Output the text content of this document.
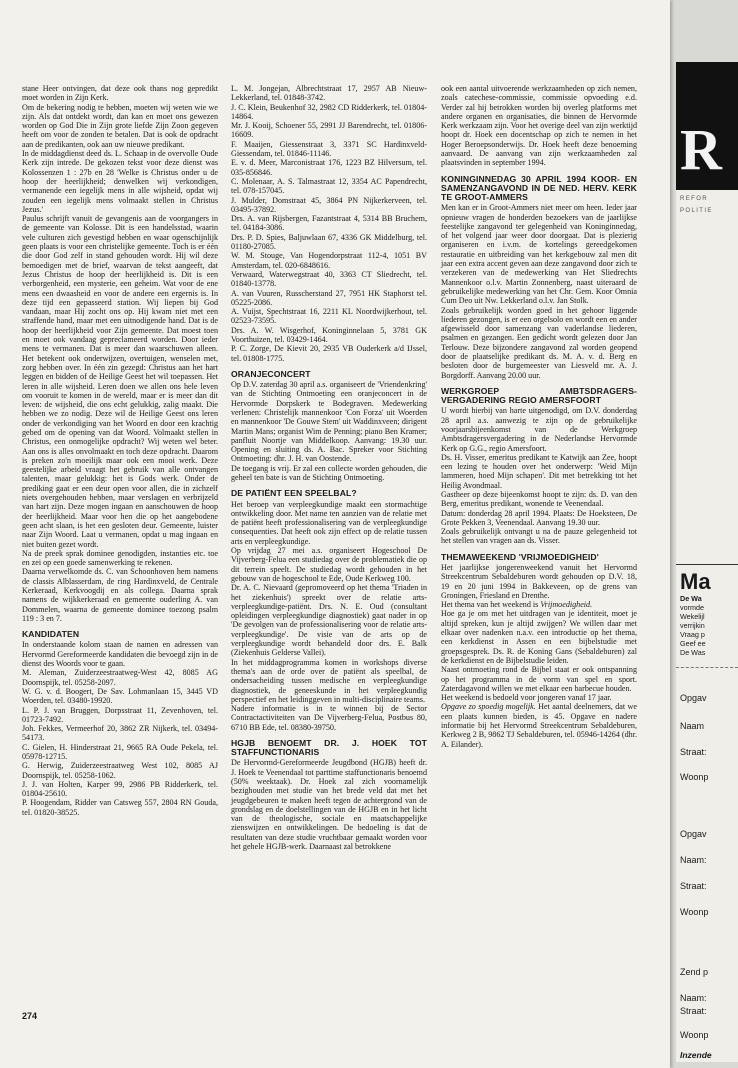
stane Heer ontvingen, dat deze ook thans nog gepredikt moet worden in Zijn Kerk.

Om de bekering nodig te hebben, moeten wij weten wie we zijn. Als dat ontdekt wordt, dan kan en moet ons gewezen worden op God Die in Zijn grote liefde Zijn Zoon gegeven heeft om voor de zonden te betalen. Dat is ook de opdracht aan de predikanten, ook aan uw nieuwe predikant.

In de middagdienst deed ds. L. Schaap in de overvolle Oude Kerk zijn intrede. De gekozen tekst voor deze dienst was Kolossenzen 1 : 27b en 28 'Welke is Christus onder u de hoop der heerlijkheid; denwelken wij verkondigen, vermanende een iegelijk mens in alle wijsheid, opdat wij zouden een iegelijk mens volmaakt stellen in Christus Jezus.'

Paulus schrijft vanuit de gevangenis aan de voorgangers in de gemeente van Kolosse. Dit is een handelsstad, waarin vele culturen zich gevestigd hebben en waar ogenschijnlijk geen plaats is voor een christelijke gemeente. Toch is er één die door God zelf in stand gehouden wordt. Hij wil deze bemoedigen met de brief, waarvan de tekst aangeeft, dat Jezus Christus de hoop der heerlijkheid is. Dit is een verborgenheid, een mysterie, een geheim. Wat voor de ene mens een dwaasheid en voor de andere een ergernis is. In deze tijd een gepasseerd station. Wij liepen bij God vandaan, maar Hij zocht ons op. Hij kwam niet met een straffende hand, maar met een uitnodigende hand. Dat is de hoop der heerlijkheid voor Zijn gemeente. Dat moest toen en moet ook vandaag gepreclameerd worden. Door ieder mens te vermanen. Dat is meer dan waarschuwen alleen. Het betekent ook onderwijzen, overtuigen, wenselen met, zorg hebben over. In één zin gezegd: Christus aan het hart leggen en bidden of de Heilige Geest het wil toepassen. Het leren in alle wijsheid. Leren doen we allen ons hele leven om vooruit te komen in de wereld, maar er is meer dan dit leven: de wijsheid, die ons echt gelukkig, zalig maakt. Die hebben we zo nodig. Deze wil de Heilige Geest ons leren onder de verkondiging van het Woord en door een krachtig gebed om de opening van dat Woord. Volmaakt stellen in Christus, een onmogelijke opdracht? Wij weten wel beter. Aan ons is alles onvolmaakt en toch deze opdracht. Daarom is preken zo'n moeilijk maar ook een mooi werk. Deze geestelijke arbeid vraagt het gebruik van alle ontvangen talenten, maar gelukkig: het is Gods werk. Onder de prediking gaat er een deur open voor allen, die in zichzelf niets overgehouden hebben, maar verslagen en verbrijzeld van hart zijn. Deze mogen ingaan en aanschouwen de hoop der heerlijkheid. Maar voor hen die op het aangebodene geen acht slaan, is het een gesloten deur. Gemeente, luister naar Zijn Woord. Laat u vermanen, opdat u mag ingaan en niet buiten gezet wordt.

Na de preek sprak dominee genodigden, instanties etc. toe en zei op een goede samenwerking te rekenen.

Daarna verwelkomde ds. C. van Schoonhoven hem namens de classis Alblasserdam, de ring Hardinxveld, de Centrale Kerkeraad, Kerkvoogdij en als collega. Daarna sprak namens de wijkkerkeraad en gemeente ouderling A. van Dommelen, waarna de gemeente dominee toezong psalm 119 : 3 en 7.

KANDIDATEN

In onderstaande kolom staan de namen en adressen van Hervormd Gereformeerde kandidaten die bevoegd zijn in de dienst des Woords voor te gaan.

M. Aleman, Zuiderzeestraatweg-West 42, 8085 AG Doornspijk, tel. 05258-2097.

W. G. v. d. Boogert, De Sav. Lohmanlaan 15, 3445 VD Woerden, tel. 03480-19920.

L. P. J. van Bruggen, Dorpsstraat 11, Zevenhoven, tel. 01723-7492.

Joh. Fekkes, Vermeerhof 20, 3862 ZR Nijkerk, tel. 03494-54173.

C. Gielen, H. Hinderstraat 21, 9665 RA Oude Pekela, tel. 05978-12715.

G. Herwig, Zuiderzeestraatweg West 102, 8085 AJ Doornspijk, tel. 05258-1062.

J. J. van Holten, Karper 99, 2986 PB Ridderkerk, tel. 01804-25610.

P. Hoogendam, Ridder van Catsweg 557, 2804 RN Gouda, tel. 01820-38525.

L. M. Jongejan, Albrechtstraat 17, 2957 AB Nieuw-Lekkerland, tel. 01848-3742.

J. C. Klein, Beukenhof 32, 2982 CD Ridderkerk, tel. 01804-14864.

Mr. J. Kooij, Schoener 55, 2991 JJ Barendrecht, tel. 01806-16609.

F. Maaijen, Giessenstraat 3, 3371 SC Hardinxveld-Giessendam, tel. 01846-11146.

E. v. d. Meer, Marconistraat 176, 1223 BZ Hilversum, tel. 035-856846.

C. Molenaar, A. S. Talmastraat 12, 3354 AC Papendrecht, tel. 078-157045.

J. Mulder, Domstraat 45, 3864 PN Nijkerkerveen, tel. 03495-37892.

Drs. A. van Rijsbergen, Fazantstraat 4, 5314 BB Bruchem, tel. 04184-3086.

Drs. P. D. Spies, Baljuwlaan 67, 4336 GK Middelburg, tel. 01180-27085.

W. M. Stouge, Van Hogendorpstraat 112-4, 1051 BV Amsterdam, tel. 020-6848616.

Verwaard, Waterwegstraat 40, 3363 CT Sliedrecht, tel. 01840-13778.

A. van Vuuren, Russcherstand 27, 7951 HK Staphorst tel. 05225-2086.

A. Vuijst, Spechtstraat 16, 2211 KL Noordwijkerhout, tel. 02523-73595.

Drs. A. W. Wisgerhof, Koninginnelaan 5, 3781 GK Voorthuizen, tel. 03429-1464.

P. C. Zorge, De Kievit 20, 2935 VB Ouderkerk a/d IJssel, tel. 01808-1775.

ORANJECONCERT

Op D.V. zaterdag 30 april a.s. organiseert de 'Vriendenkring' van de Stichting Ontmoeting een oranjeconcert in de Hervormde Dorpskerk te Bodegraven. Medewerking verlenen: Christelijk mannenkoor 'Con Forza' uit Woerden en mannenkoor 'De Gouwe Stem' uit Waddinxveen; dirigent Martin Mans; organist Wim de Penning; piano Ben Kramer; panfluit Noortje van Middelkoop. Aanvang: 19.30 uur. Opening en sluiting ds. A. Bac. Spreker voor Stichting Ontmoeting: dhr. J. H. van Oostende.

De toegang is vrij. Er zal een collecte worden gehouden, die geheel ten bate is van de Stichting Ontmoeting.

DE PATIËNT EEN SPEELBAL?

Het beroep van verpleegkundige maakt een stormachtige ontwikkeling door. Met name ten aanzien van de relatie met de patiënt heeft professionalisering van de verpleegkundige consequenties. Dat heeft ook zijn effect op de relatie tussen arts en verpleegkundige.

Op vrijdag 27 mei a.s. organiseert Hogeschool De Vijverberg-Felua een studiedag over de problematiek die op dit terrein speelt. De studiedag wordt gehouden in het gebouw van de hogeschool te Ede, Oude Kerkweg 100.

Dr. A. C. Nievaard (gepromoveerd op het thema 'Triaden in het ziekenhuis') spreekt over de relatie arts-verpleegkundige-patiënt. Drs. N. E. Oud (consultant opleidingen verpleegkundige diagnostiek) gaat nader in op 'De gevolgen van de professionalisering voor de relatie arts-verpleegkundige'. De visie van de arts op de verpleegkundige wordt behandeld door drs. E. Balk (Ziekenhuis Gelderse Vallei).

In het middagprogramma komen in workshops diverse thema's aan de orde over de patiënt als speelbal, de ondersacheiding tussen medische en verpleegkundige diagnostiek, de geneeskunde in het verpleegkundig perspectief en het leidinggeven in multi-disciplinaire teams.

Nadere informatie is in te winnen bij de Sector Contractactiviteiten van De Vijverberg-Felua, Postbus 80, 6710 BB Ede, tel. 08380-39750.

HGJB BENOEMT DR. J. HOEK TOT STAFFUNCTIONARIS

De Hervormd-Gereformeerde Jeugdbond (HGJB) heeft dr. J. Hoek te Veenendaal tot parttime staffunctionaris benoemd (50% weektaak). Dr. Hoek zal zich voornamelijk bezighouden met studie van het brede veld dat met het jeugdgebeuren te maken heeft tegen de achtergrond van de grondslag en de doelstellingen van de HGJB en in het licht van de theologische, sociale en maatschappelijke zienswijzen en ontwikkelingen. De bedoeling is dat de resultaten van deze studie vruchtbaar gemaakt worden voor het gehele HGJB-werk. Daarnaast zal betrokkene

ook een aantal uitvoerende werkzaamheden op zich nemen, zoals catechese-commissie, commissie opvoeding e.d. Verder zal hij betrokken worden bij overleg platforms met andere organen en organisaties, die binnen de Hervormde Kerk werkzaam zijn. Voor het overige deel van zijn werktijd hoopt dr. Hoek een docentschap op zich te nemen in het Hoger Beroepsonderwijs. Dr. Hoek heeft deze benoeming aanvaard. De aanvang van zijn werkzaamheden zal plaatsvinden in september 1994.

KONINGINNEDAG 30 APRIL 1994 KOOR- EN SAMENZANGAVOND IN DE NED. HERV. KERK TE GROOT-AMMERS

Men kan er in Groot-Ammers niet meer om heen. Ieder jaar opnieuw vragen de honderden bezoekers van de jaarlijkse feestelijke zangavond ter gelegenheid van Koninginnedag, of het volgend jaar weer door doorgaat. Dat is plezierig organiseren en i.v.m. de kortelings gereedgekomen restauratie en uitbreiding van het kerkgebouw zal men dit jaar een extra accent geven aan deze zangavond door zich te verzekeren van de medewerking van Het Sliedrechts Mannenkoor o.l.v. Martin Zonnenberg, naast uiteraard de gebruikelijke medewerking van het Chr. Gem. Koor Omnia Cum Deo uit Nw. Lekkerland o.l.v. Jan Stolk.

Zoals gebruikelijk worden goed in het gehoor liggende liederen gezongen, is er een orgelsolo en wordt een en ander afgewisseld door samenzang van vaderlandse liederen, psalmen en gezangen. Een gedicht wordt gelezen door Jan Terlouw. Deze bijzondere zangavond zal worden geopend door de plaatselijke predikant ds. M. A. v. d. Berg en besloten door de burgemeester van Liesveld mr. A. J. Borgdorff. Aanvang 20.00 uur.

WERKGROEP AMBTSDRAGERS-VERGADERING REGIO AMERSFOORT

U wordt hierbij van harte uitgenodigd, om D.V. donderdag 28 april a.s. aanwezig te zijn op de gebruikelijke voorjaarsbijeenkomst van de Werkgroep Ambtsdragersvergadering in de Nederlandse Hervormde Kerk op G.G., regio Amersfoort.

Ds. H. Visser, emeritus predikant te Katwijk aan Zee, hoopt een lezing te houden over het onderwerp: 'Weid Mijn lammeren, hoed Mijn schapen'. Dit met betrekking tot het Heilig Avondmaal.

Gastheer op deze bijeenkomst hoopt te zijn: ds. D. van den Berg, emeritus predikant, wonende te Veenendaal.

Datum: donderdag 28 april 1994. Plaats: De Hoeksteen, De Grote Pekken 3, Veenendaal. Aanvang 19.30 uur.

Zoals gebruikelijk ontvangt u na de pauze gelegenheid tot het stellen van vragen aan ds. Visser.

THEMAWEEKEND 'VRIJMOEDIGHEID'

Het jaarlijkse jongerenweekend vanuit het Hervormd Streekcentrum Sebaldeburen wordt gehouden op D.V. 18, 19 en 20 juni 1994 in Bakkeveen, op de grens van Groningen, Friesland en Drenthe.

Het thema van het weekend is Vrijmoedigheid.

Hoe ga je om met het uitdragen van je identiteit, moet je altijd spreken, kun je altijd zwijgen? We willen daar met elkaar over nadenken n.a.v. een introductie op het thema, een kerkdienst in Assen en een bijbelstudie met groepsgesprek. Ds. R. de Koning Gans (Sebaldeburen) zal de kerkdienst en de Bijbelstudie leiden.

Naast ontmoeting rond de Bijbel staat er ook ontspanning op het programma in de vorm van spel en sport. Zaterdagavond willen we met elkaar een barbecue houden.

Het weekend is bedoeld voor jongeren vanaf 17 jaar.

Opgave zo spoedig mogelijk. Het aantal deelnemers, dat we een plaats kunnen bieden, is 45. Opgave en nadere informatie bij het Hervormd Streekcentrum Sebaldeburen, Kerkweg 2 B, 9862 TJ Sebaldeburen, tel. 05946-14264 (dhr. A. Eilander).

274
R
REFOR
POLITIE
Ma
De Wa
vormde
Wekelijl
verrijkin
Vraag p
Geef ee
De Was
Opgav
Naam
Straat:
Woonp
Opgav
Naam:
Straat:
Woonp
Zend p
Naam:
Straat:
Woonp
Inzende
